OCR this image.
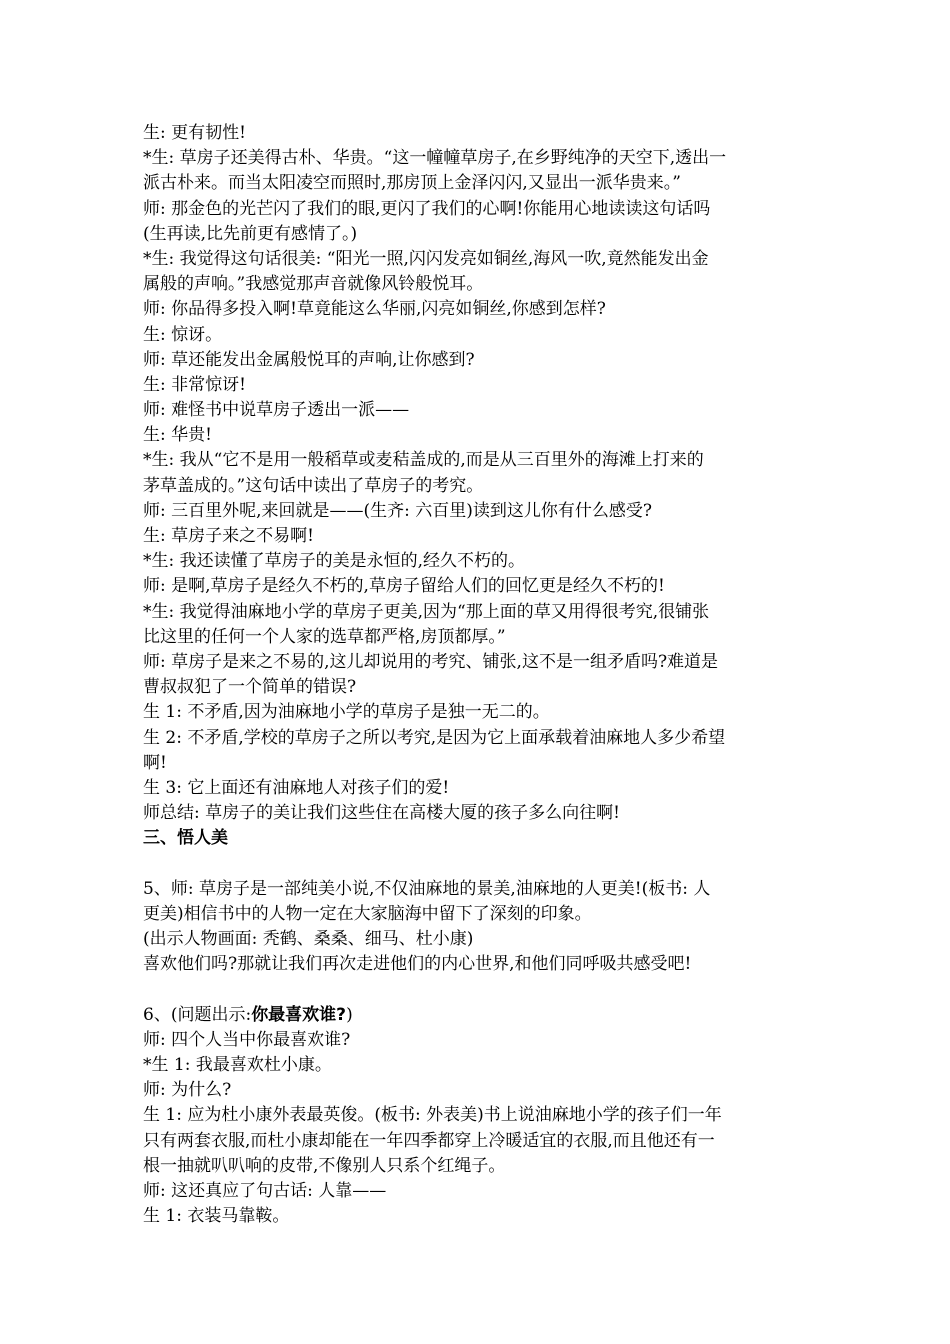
生: 更有韧性!
*生: 草房子还美得古朴、华贵。“这一幢幢草房子,在乡野纯净的天空下,透出一
派古朴来。而当太阳凌空而照时,那房顶上金泽闪闪,又显出一派华贵来。”
师: 那金色的光芒闪了我们的眼,更闪了我们的心啊!你能用心地读读这句话吗
(生再读,比先前更有感情了。)
*生: 我觉得这句话很美: “阳光一照,闪闪发亮如铜丝,海风一吹,竟然能发出金
属般的声响。”我感觉那声音就像风铃般悦耳。
师: 你品得多投入啊!草竟能这么华丽,闪亮如铜丝,你感到怎样?
生: 惊讶。
师: 草还能发出金属般悦耳的声响,让你感到?
生: 非常惊讶!
师: 难怪书中说草房子透出一派——
生: 华贵!
*生: 我从“它不是用一般稻草或麦秸盖成的,而是从三百里外的海滩上打来的
茅草盖成的。”这句话中读出了草房子的考究。
师: 三百里外呢,来回就是——(生齐: 六百里)读到这儿你有什么感受?
生: 草房子来之不易啊!
*生: 我还读懂了草房子的美是永恒的,经久不朽的。
师: 是啊,草房子是经久不朽的,草房子留给人们的回忆更是经久不朽的!
*生: 我觉得油麻地小学的草房子更美,因为“那上面的草又用得很考究,很铺张
比这里的任何一个人家的选草都严格,房顶都厚。”
师: 草房子是来之不易的,这儿却说用的考究、铺张,这不是一组矛盾吗?难道是
曹叔叔犯了一个简单的错误?
生 1: 不矛盾,因为油麻地小学的草房子是独一无二的。
生 2: 不矛盾,学校的草房子之所以考究,是因为它上面承载着油麻地人多少希望
啊!
生 3: 它上面还有油麻地人对孩子们的爱!
师总结: 草房子的美让我们这些住在高楼大厦的孩子多么向往啊!
三、悟人美
5、师: 草房子是一部纯美小说,不仅油麻地的景美,油麻地的人更美!(板书: 人
更美)相信书中的人物一定在大家脑海中留下了深刻的印象。
(出示人物画面: 秃鹤、桑桑、细马、杜小康)
喜欢他们吗?那就让我们再次走进他们的内心世界,和他们同呼吸共感受吧!
6、(问题出示:你最喜欢谁?)
师: 四个人当中你最喜欢谁?
*生 1: 我最喜欢杜小康。
师: 为什么?
生 1: 应为杜小康外表最英俊。(板书: 外表美)书上说油麻地小学的孩子们一年
只有两套衣服,而杜小康却能在一年四季都穿上冷暖适宜的衣服,而且他还有一
根一抽就叭叭响的皮带,不像别人只系个红绳子。
师: 这还真应了句古话: 人靠——
生 1: 衣装马靠鞍。
